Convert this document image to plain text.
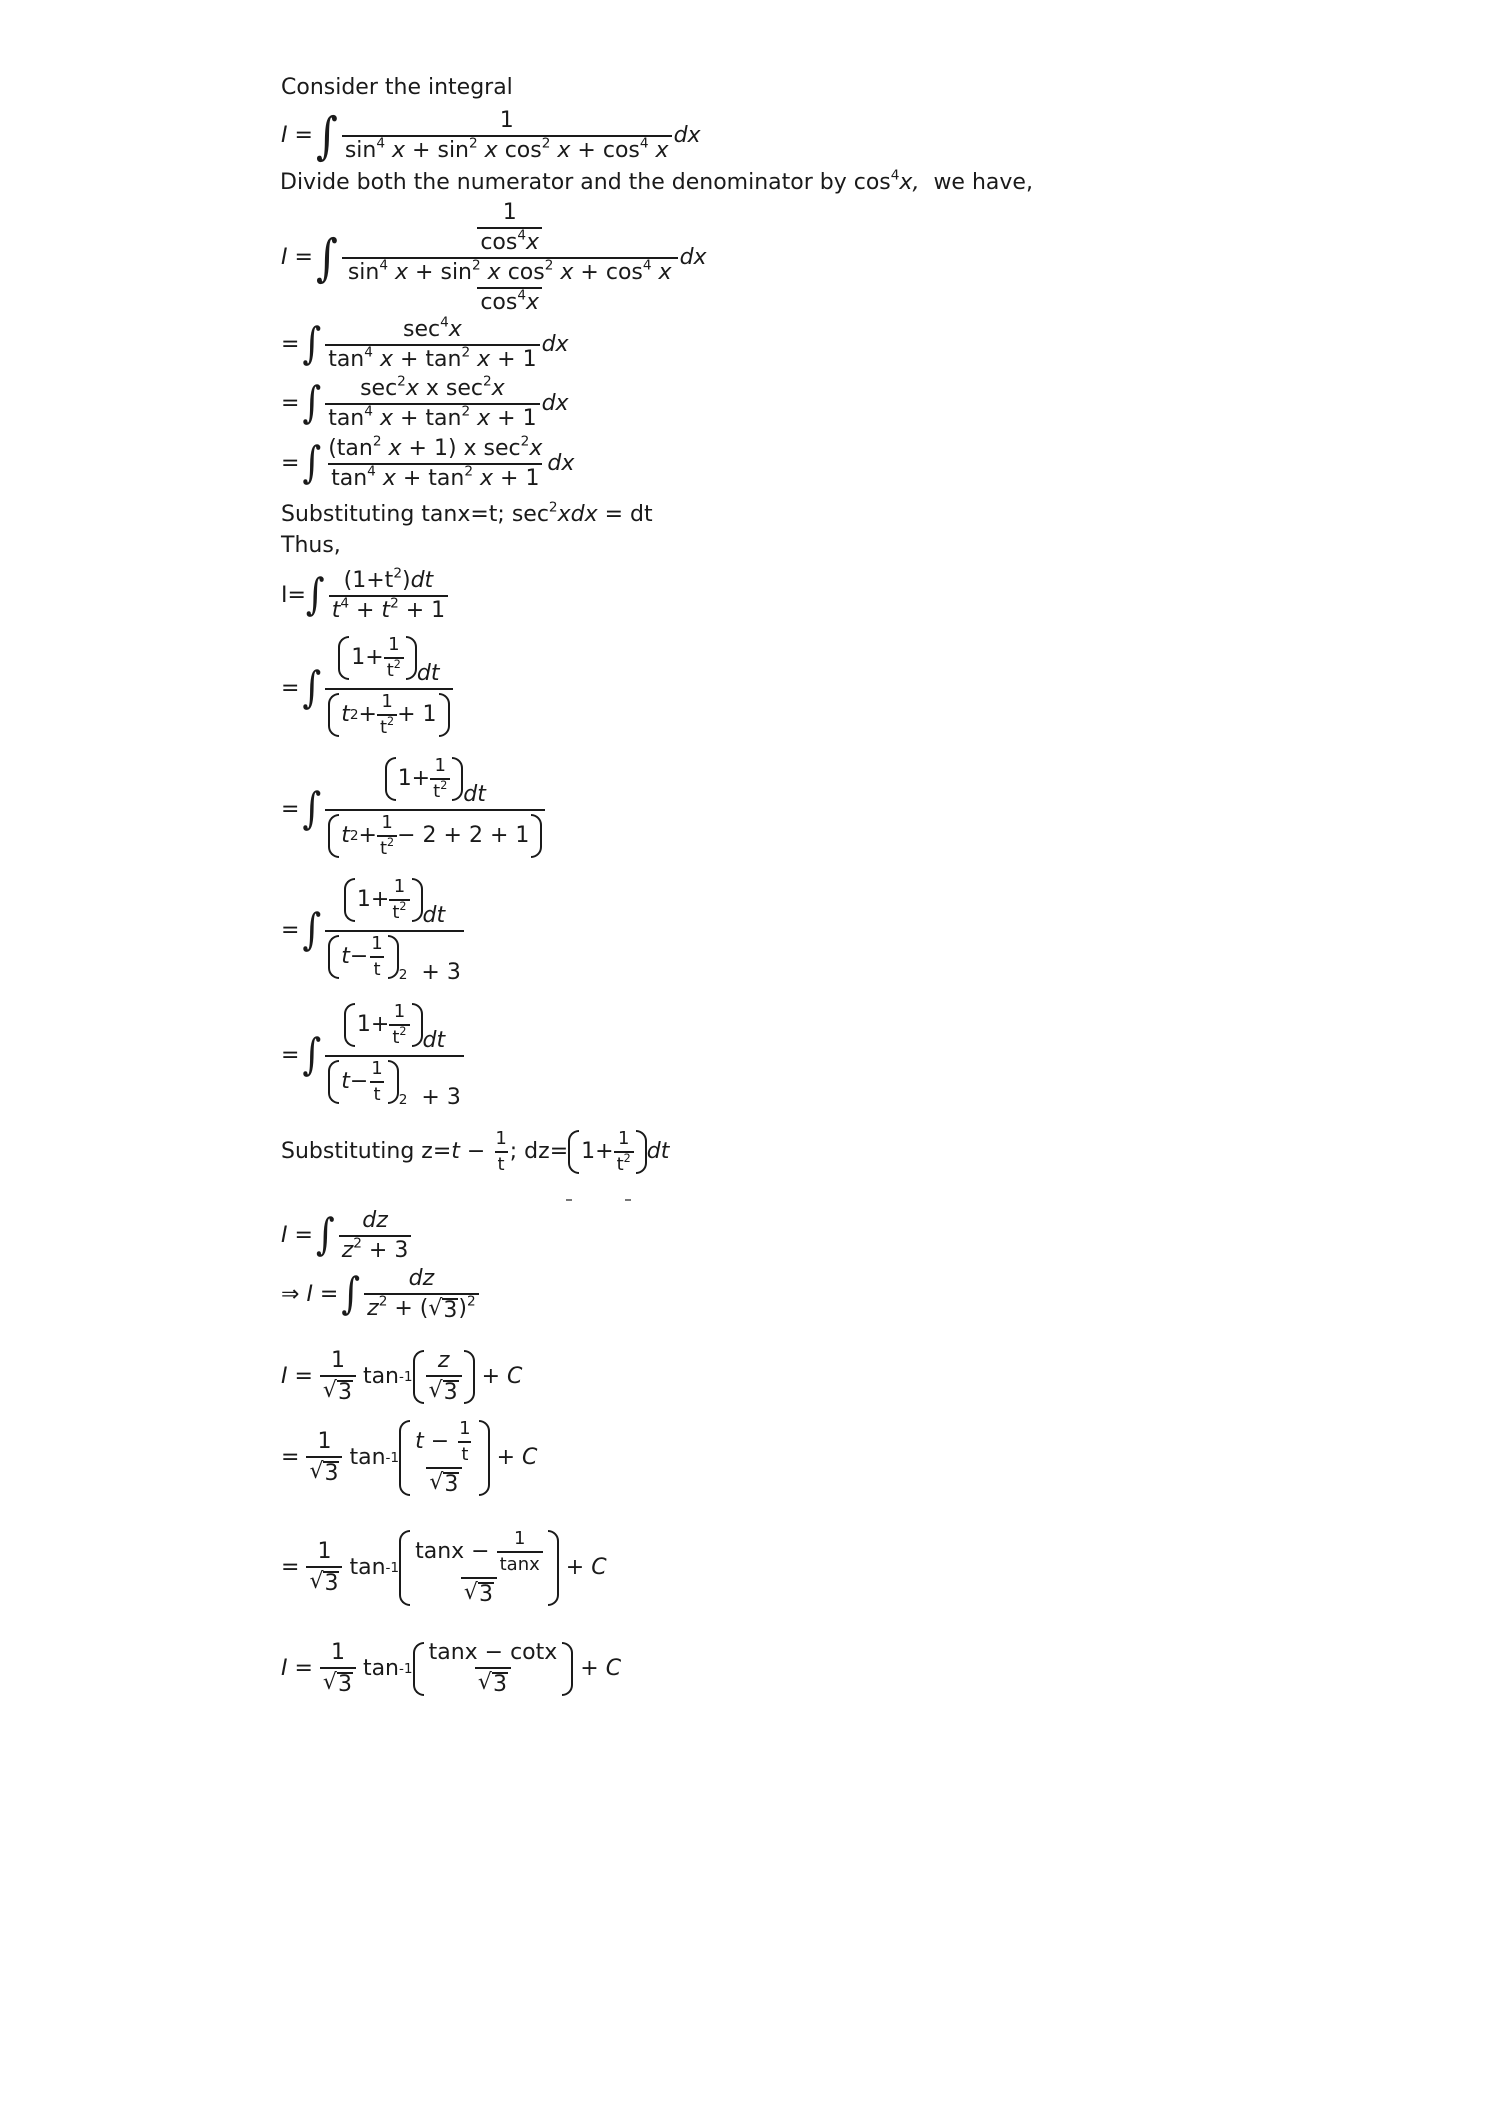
Consider the integral
I = ∫ $\frac{1}{\sin^4 x + \sin^2 x \cos^2 x + \cos^4 x}$ dx
Divide both the numerator and the denominator by $\cos^4x$, we have,
I = ∫ $\frac{\frac{1}{\cos^4x}}{\frac{\sin^4 x + \sin^2 x \cos^2 x + \cos^4 x}{\cos^4x}}$ dx
= ∫ $\frac{\sec^4x}{\tan^4 x + \tan^2 x + 1}$ dx
= ∫ $\frac{\sec^2x x \sec^2x}{\tan^4 x + \tan^2 x + 1}$ dx
= ∫ $\frac{(\tan^2 x + 1) x \sec^2x}{\tan^4 x + \tan^2 x + 1}$ dx
Substituting tanx=t; $\sec^2xdx$ = dt
Thus,
I= ∫ $\frac{(1+t^2)dt}{t^4 + t^2 + 1}$
= ∫ $\frac{1+ \frac{1}{t^2} dt}{t 2 + \frac{1}{t^2} + 1}$
= ∫ $\frac{1+ \frac{1}{t^2} dt}{t 2 + \frac{1}{t^2} - 2 + 2 + 1}$
= ∫ $\frac{1+ \frac{1}{t^2} dt}{t - \frac{1}{t} 2 + 3}$
= ∫ $\frac{1+ \frac{1}{t^2} dt}{t - \frac{1}{t} 2 + 3}$
Substituting $z= t - \frac{1}{t}$ ; $dz= 1+ \frac{1}{t^2}$ dt
I = ∫ $\frac{dz}{z^2 + 3}$
⇒
I = ∫ $\frac{dz}{z^2 + ( √ 3 )^2}$
$I = \frac{1}{√ 3}$ $\tan -1 \frac{z}{√ 3} + C$
= $\frac{1}{√ 3}$ $\tan -1 \frac{t - \frac{1}{t}}{√ 3} + C$
= $\frac{1}{√ 3}$ $\tan -1 \frac{\tan x - \frac{1}{\tan x}}{√ 3} + C$
$I = \frac{1}{√ 3}$ $\tan -1 \frac{\tan x - \cot x}{√ 3} + C$
